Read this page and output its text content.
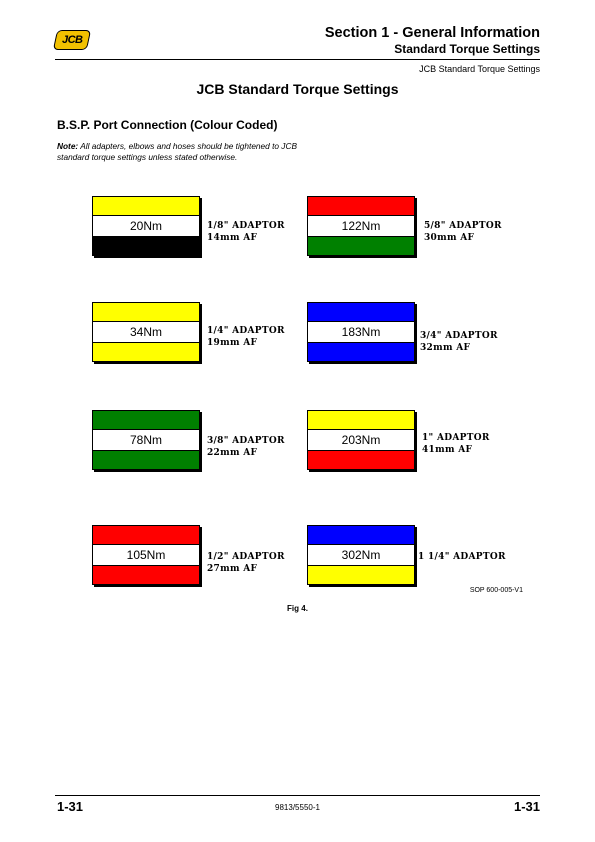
JCB	Section 1 - General Information
Standard Torque Settings
JCB Standard Torque Settings
JCB Standard Torque Settings
B.S.P. Port Connection (Colour Coded)
Note: All adapters, elbows and hoses should be tightened to JCB standard torque settings unless stated otherwise.
20Nm	1/8" ADAPTOR
14mm AF
122Nm	5/8" ADAPTOR
30mm AF
34Nm	1/4" ADAPTOR
19mm AF
183Nm	3/4" ADAPTOR
32mm AF
78Nm	3/8" ADAPTOR
22mm AF
203Nm	1" ADAPTOR
41mm AF
105Nm	1/2" ADAPTOR
27mm AF
302Nm	1 1/4" ADAPTOR
SOP 600-005-V1
Fig 4.
1-31	9813/5550-1	1-31
